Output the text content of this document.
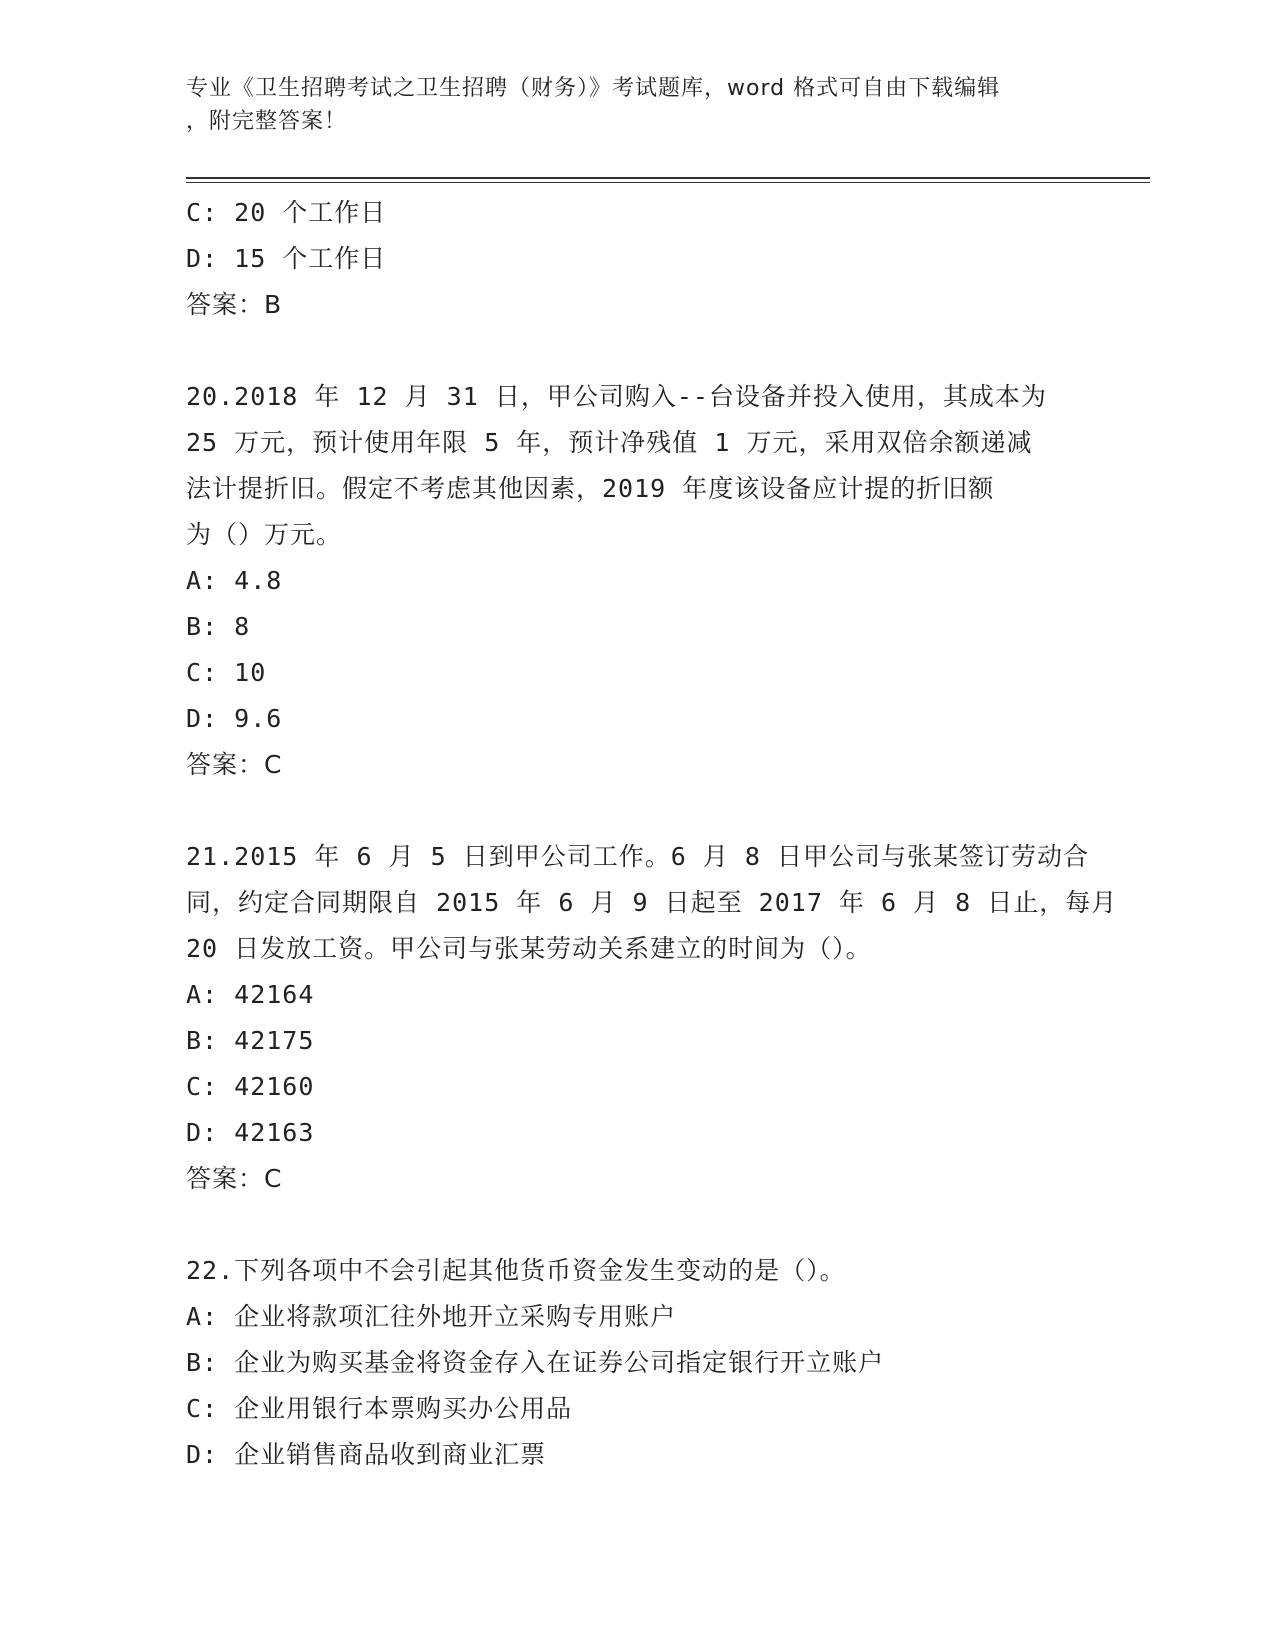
专业《卫生招聘考试之卫生招聘（财务）》考试题库，word 格式可自由下载编辑
，附完整答案！
C: 20 个工作日
D: 15 个工作日
答案：B
20.2018 年 12 月 31 日，甲公司购入--台设备并投入使用，其成本为
25 万元，预计使用年限 5 年，预计净残值 1 万元，采用双倍余额递减
法计提折旧。假定不考虑其他因素，2019 年度该设备应计提的折旧额
为（）万元。
A: 4.8
B: 8
C: 10
D: 9.6
答案：C
21.2015 年 6 月 5 日到甲公司工作。6 月 8 日甲公司与张某签订劳动合
同，约定合同期限自 2015 年 6 月 9 日起至 2017 年 6 月 8 日止，每月
20 日发放工资。甲公司与张某劳动关系建立的时间为（）。
A: 42164
B: 42175
C: 42160
D: 42163
答案：C
22.下列各项中不会引起其他货币资金发生变动的是（）。
A: 企业将款项汇往外地开立采购专用账户
B: 企业为购买基金将资金存入在证券公司指定银行开立账户
C: 企业用银行本票购买办公用品
D: 企业销售商品收到商业汇票
